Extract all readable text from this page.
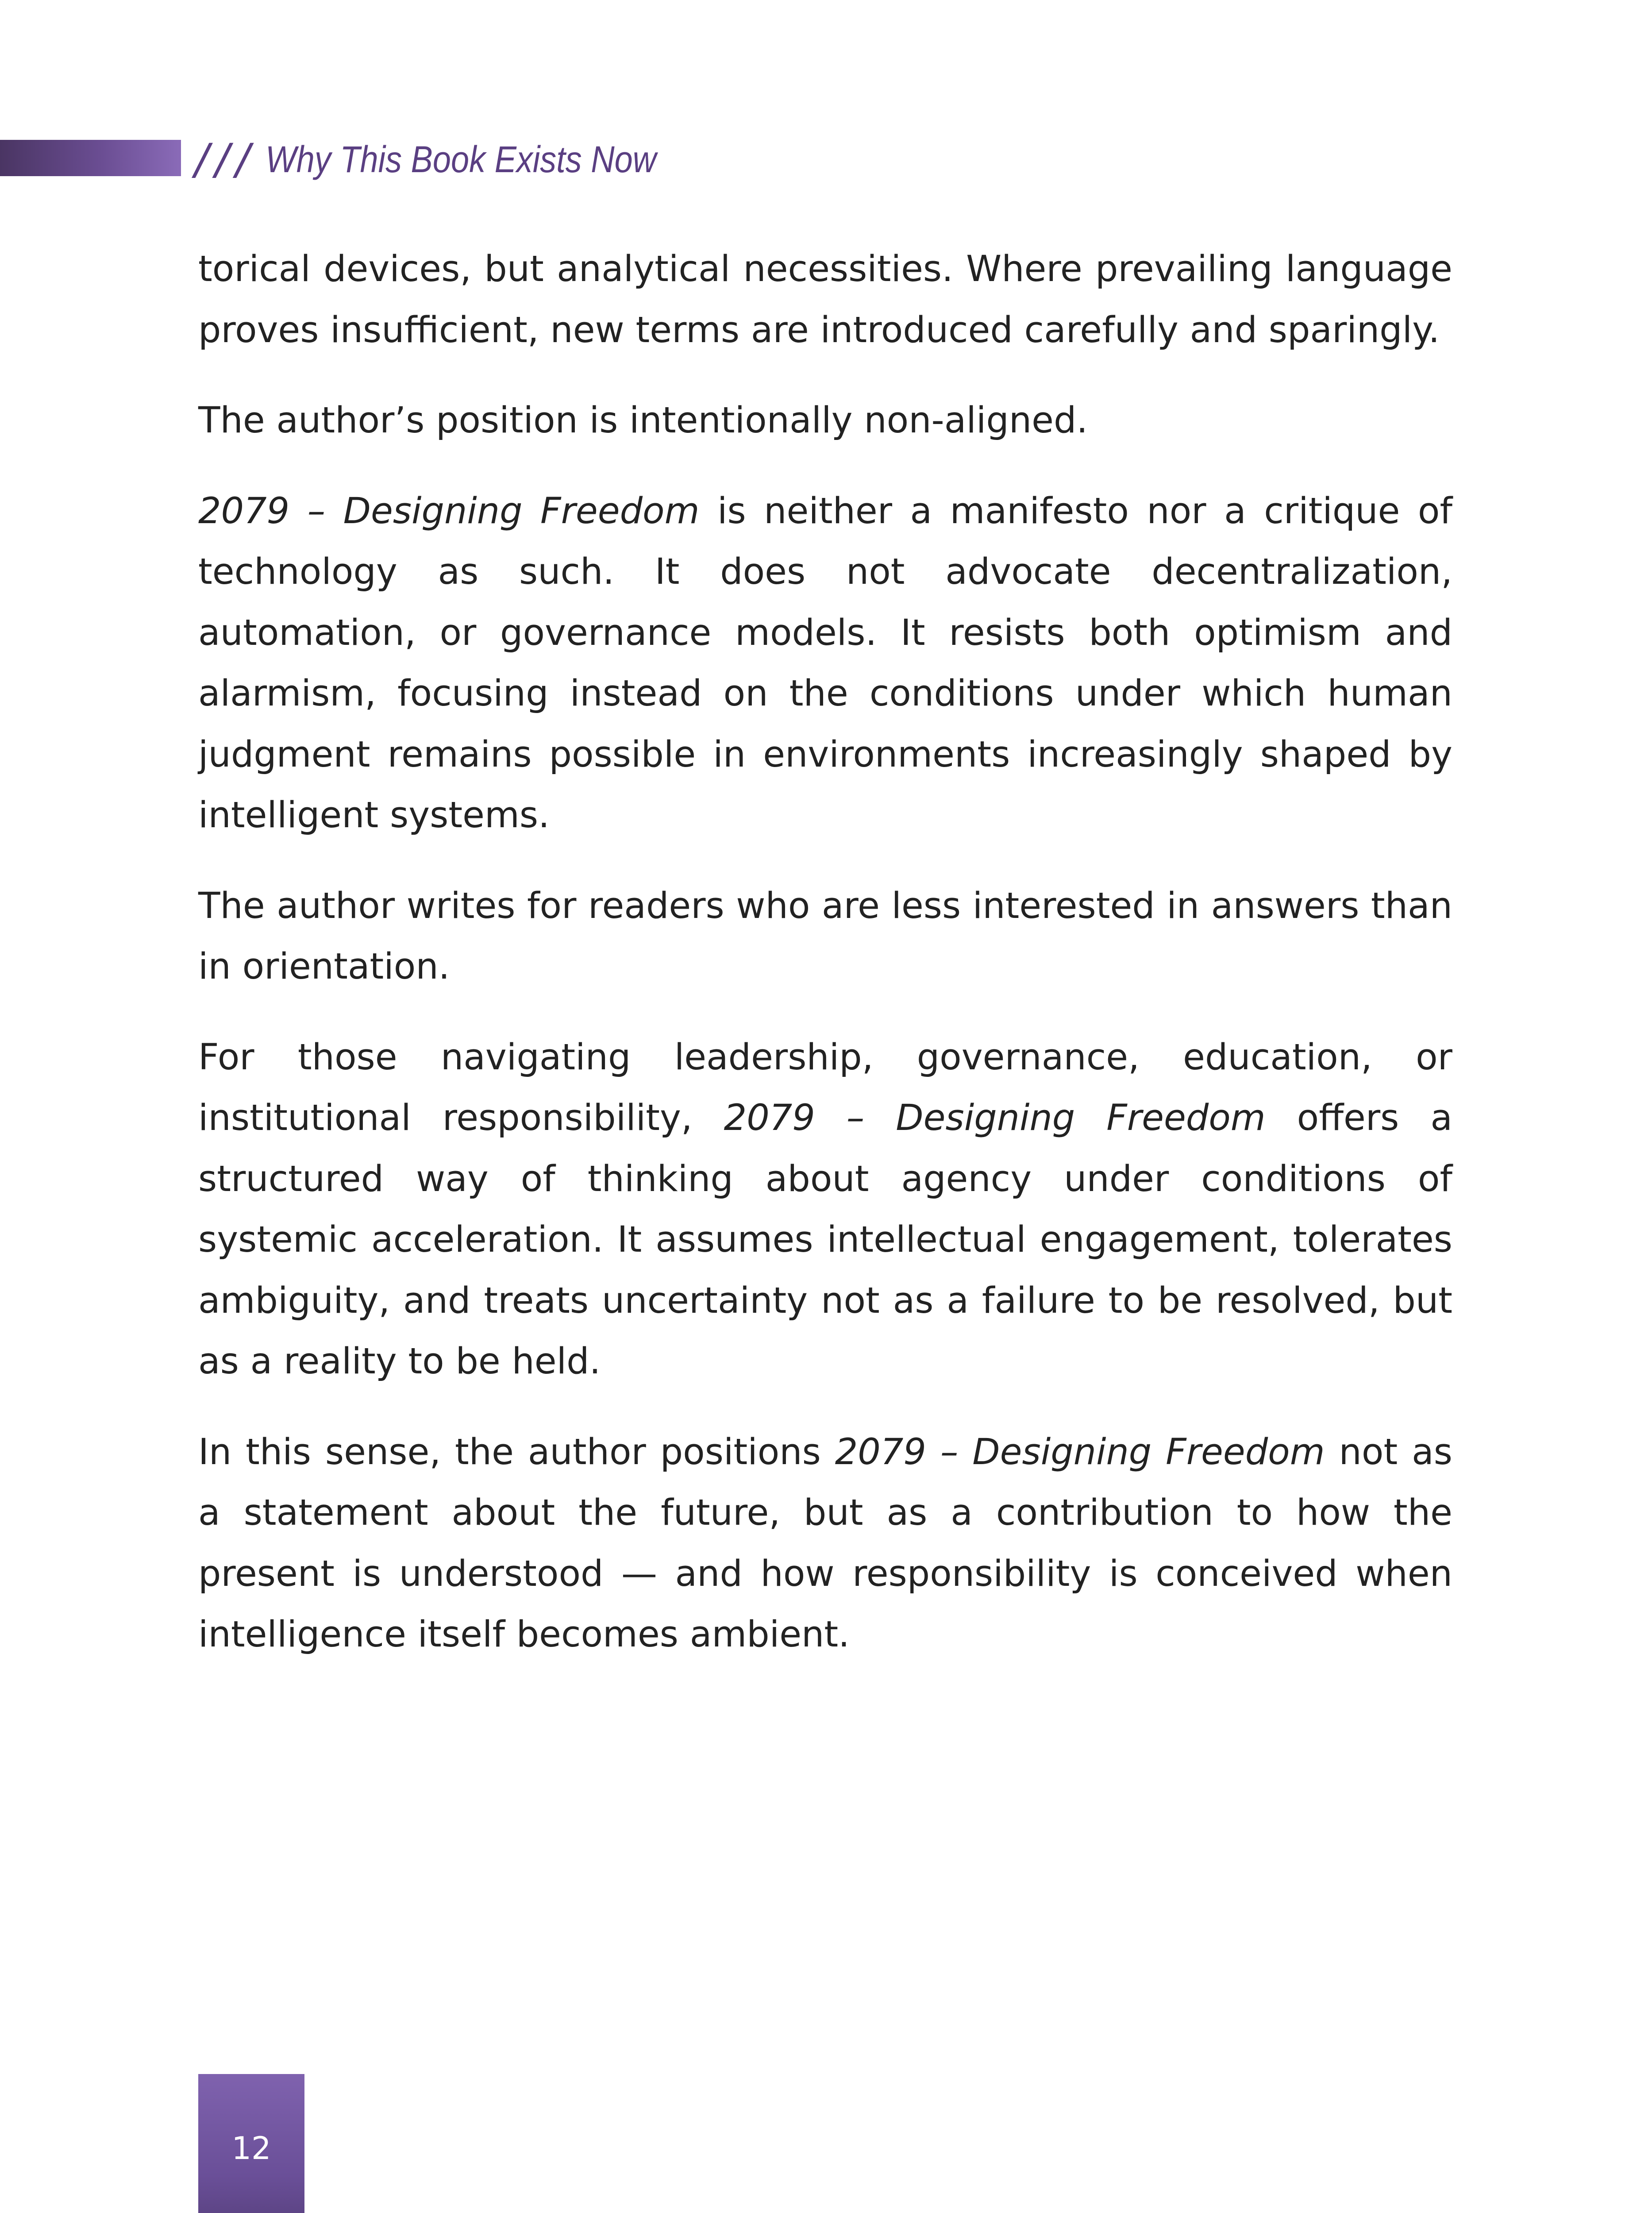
/// Why This Book Exists Now

torical devices, but analytical necessities. Where prevailing language proves insufficient, new terms are introduced carefully and sparingly.

The author’s position is intentionally non-aligned.

2079 – Designing Freedom is neither a manifesto nor a critique of technology as such. It does not advocate decentralization, automation, or governance models. It resists both optimism and alarmism, focusing instead on the conditions under which human judgment remains possible in environments increasingly shaped by intelligent systems.

The author writes for readers who are less interested in answers than in orientation.

For those navigating leadership, governance, education, or institutional responsibility, 2079 – Designing Freedom offers a structured way of thinking about agency under conditions of systemic acceleration. It assumes intellectual engagement, tolerates ambiguity, and treats uncertainty not as a failure to be resolved, but as a reality to be held.

In this sense, the author positions 2079 – Designing Freedom not as a statement about the future, but as a contribution to how the present is understood — and how responsibility is conceived when intelligence itself becomes ambient.

12
